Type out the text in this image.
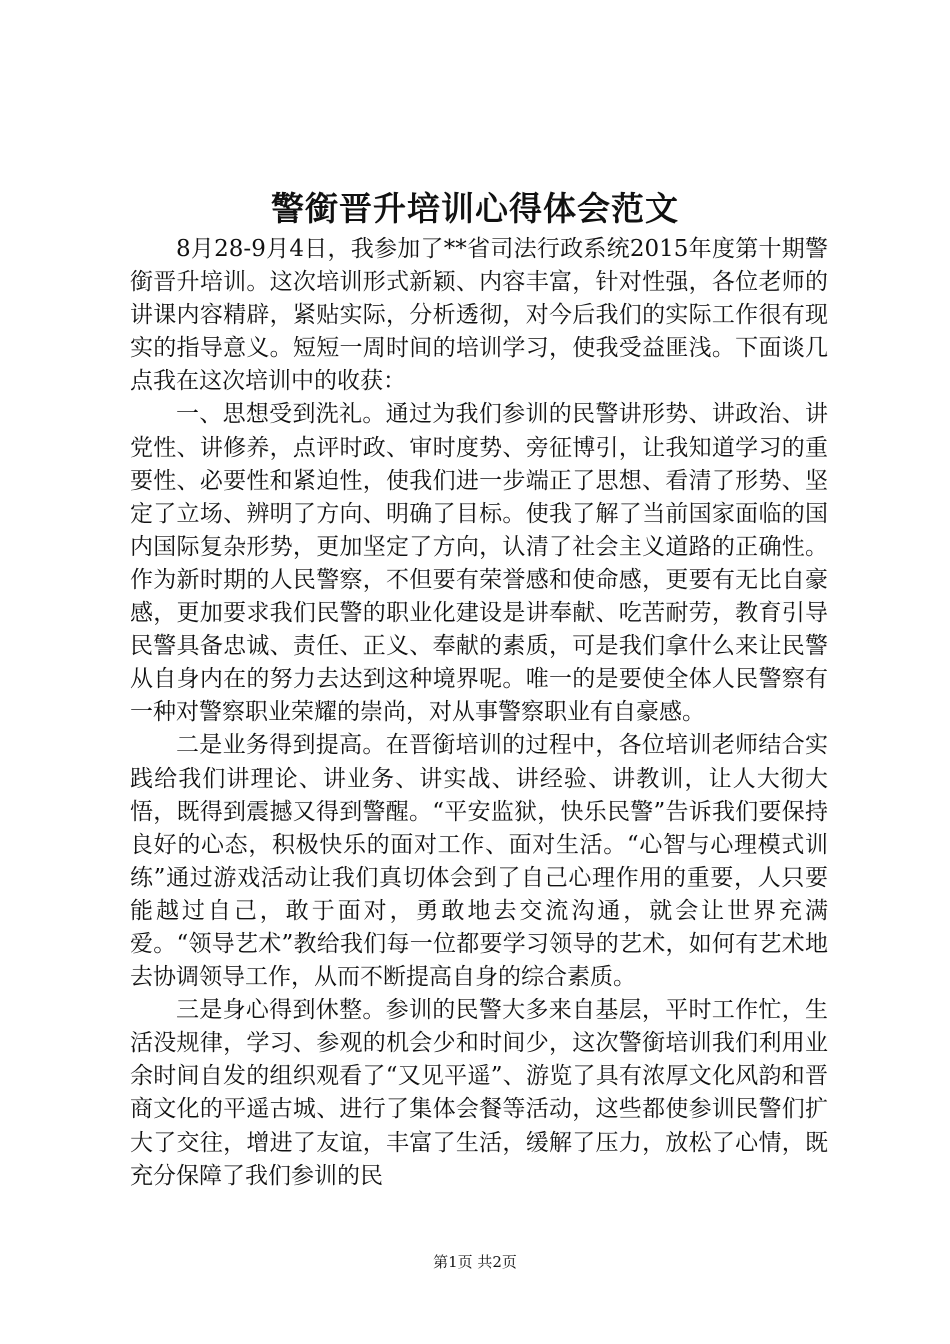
警銜晋升培训心得体会范文

8月28-9月4日，我参加了**省司法行政系统2015年度第十期警銜晋升培训。这次培训形式新颖、内容丰富，针对性强，各位老师的讲课内容精辟，紧贴实际，分析透彻，对今后我们的实际工作很有现实的指导意义。短短一周时间的培训学习，使我受益匪浅。下面谈几点我在这次培训中的收获：

一、思想受到洗礼。通过为我们参训的民警讲形势、讲政治、讲党性、讲修养，点评时政、审时度势、旁征博引，让我知道学习的重要性、必要性和紧迫性，使我们进一步端正了思想、看清了形势、坚定了立场、辨明了方向、明确了目标。使我了解了当前国家面临的国内国际复杂形势，更加坚定了方向，认清了社会主义道路的正确性。作为新时期的人民警察，不但要有荣誉感和使命感，更要有无比自豪感，更加要求我们民警的职业化建设是讲奉献、吃苦耐劳，教育引导民警具备忠诚、责任、正义、奉献的素质，可是我们拿什么来让民警从自身内在的努力去达到这种境界呢。唯一的是要使全体人民警察有一种对警察职业荣耀的崇尚，对从事警察职业有自豪感。

二是业务得到提高。在晋銜培训的过程中，各位培训老师结合实践给我们讲理论、讲业务、讲实战、讲经验、讲教训，让人大彻大悟，既得到震撼又得到警醒。“平安监狱，快乐民警”告诉我们要保持良好的心态，积极快乐的面对工作、面对生活。“心智与心理模式训练”通过游戏活动让我们真切体会到了自己心理作用的重要，人只要能越过自己，敢于面对，勇敢地去交流沟通，就会让世界充满爱。“领导艺术”教给我们每一位都要学习领导的艺术，如何有艺术地去协调领导工作，从而不断提高自身的综合素质。

三是身心得到休整。参训的民警大多来自基层，平时工作忙，生活没规律，学习、参观的机会少和时间少，这次警銜培训我们利用业余时间自发的组织观看了“又见平遥”、游览了具有浓厚文化风韵和晋商文化的平遥古城、进行了集体会餐等活动，这些都使参训民警们扩大了交往，增进了友谊，丰富了生活，缓解了压力，放松了心情，既充分保障了我们参训的民

第1页 共2页
